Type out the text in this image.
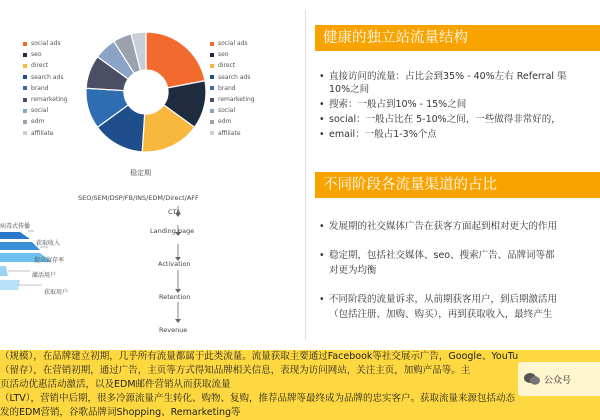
social ads
seo
direct
search ads
brand
remarketing
social
edm
affiliate
social ads
seo
direct
search ads
brand
remarketing
social
edm
affiliate
稳定期
SEO/SEM/DSP/FB/INS/EDM/Direct/AFF
CTA
Landing page
Activation
Retention
Revenue
病毒式传播
获取收入
提高留存率
激活用户
获取用户
健康的独立站流量结构
• 直接访问的流量：占比会到35% - 40%左右 Referral 渠
10%之间
• 搜索：一般占到10% - 15%之间
• social：一般占比在 5-10%之间，一些做得非常好的，
• email：一般占1-3%个点
不同阶段各流量渠道的占比
• 发展期的社交媒体广告在获客方面起到相对更大的作用
• 稳定期，包括社交媒体、seo、搜索广告、品牌词等都
对更为均衡
• 不同阶段的流量诉求，从前期获客用户，到后期激活用
（包括注册、加购、购买），再到获取收入，最终产生
（规模），在品牌建立初期，几乎所有流量都属于此类流量。流量获取主要通过Facebook等社交展示广告，Google、YouTu
（留存），在营销初期，通过广告，主页等方式得知品牌相关信息，表现为访问网站，关注主页，加购产品等。主
页活动优惠活动激活，以及EDM邮件营销从而获取流量
（LTV），营销中后期，很多冷源流量产生转化、购物、复购，推荐品牌等最终成为品牌的忠实客户。获取流量来源包括动态
发的EDM营销，谷歌品牌词Shopping、Remarketing等
公众号
